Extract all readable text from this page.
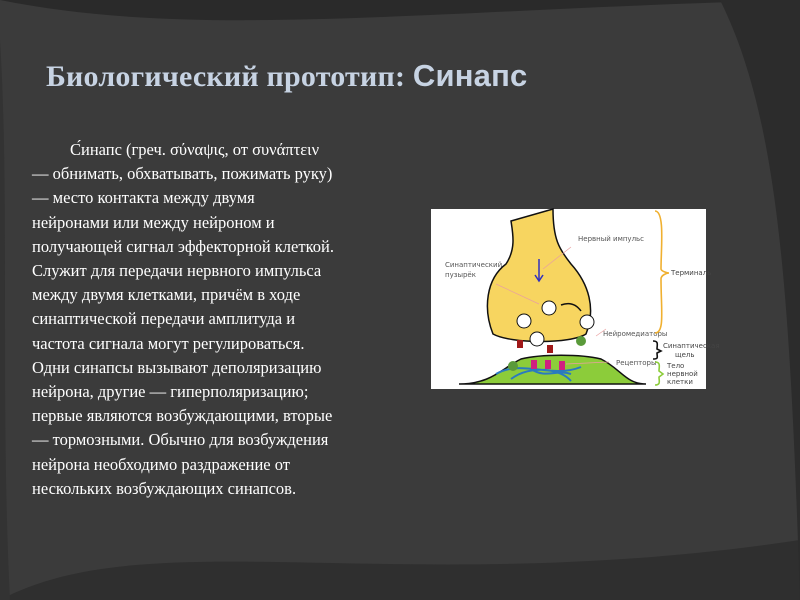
Биологический прототип: Синапс
С́инапс (греч. σύναψις, от συνάπτειν
— обнимать, обхватывать, пожимать руку)
— место контакта между двумя
нейронами или между нейроном и
получающей сигнал эффекторной клеткой.
Служит для передачи нервного импульса
между двумя клетками, причём в ходе
синаптической передачи амплитуда и
частота сигнала могут регулироваться.
Одни синапсы вызывают деполяризацию
нейрона, другие — гиперполяризацию;
первые являются возбуждающими, вторые
— тормозными. Обычно для возбуждения
нейрона необходимо раздражение от
нескольких возбуждающих синапсов.
Нервный импульс
Синаптический
пузырёк
Нейромедиаторы
Рецепторы
Терминаль
Синаптическая
щель
Тело
нервной
клетки
